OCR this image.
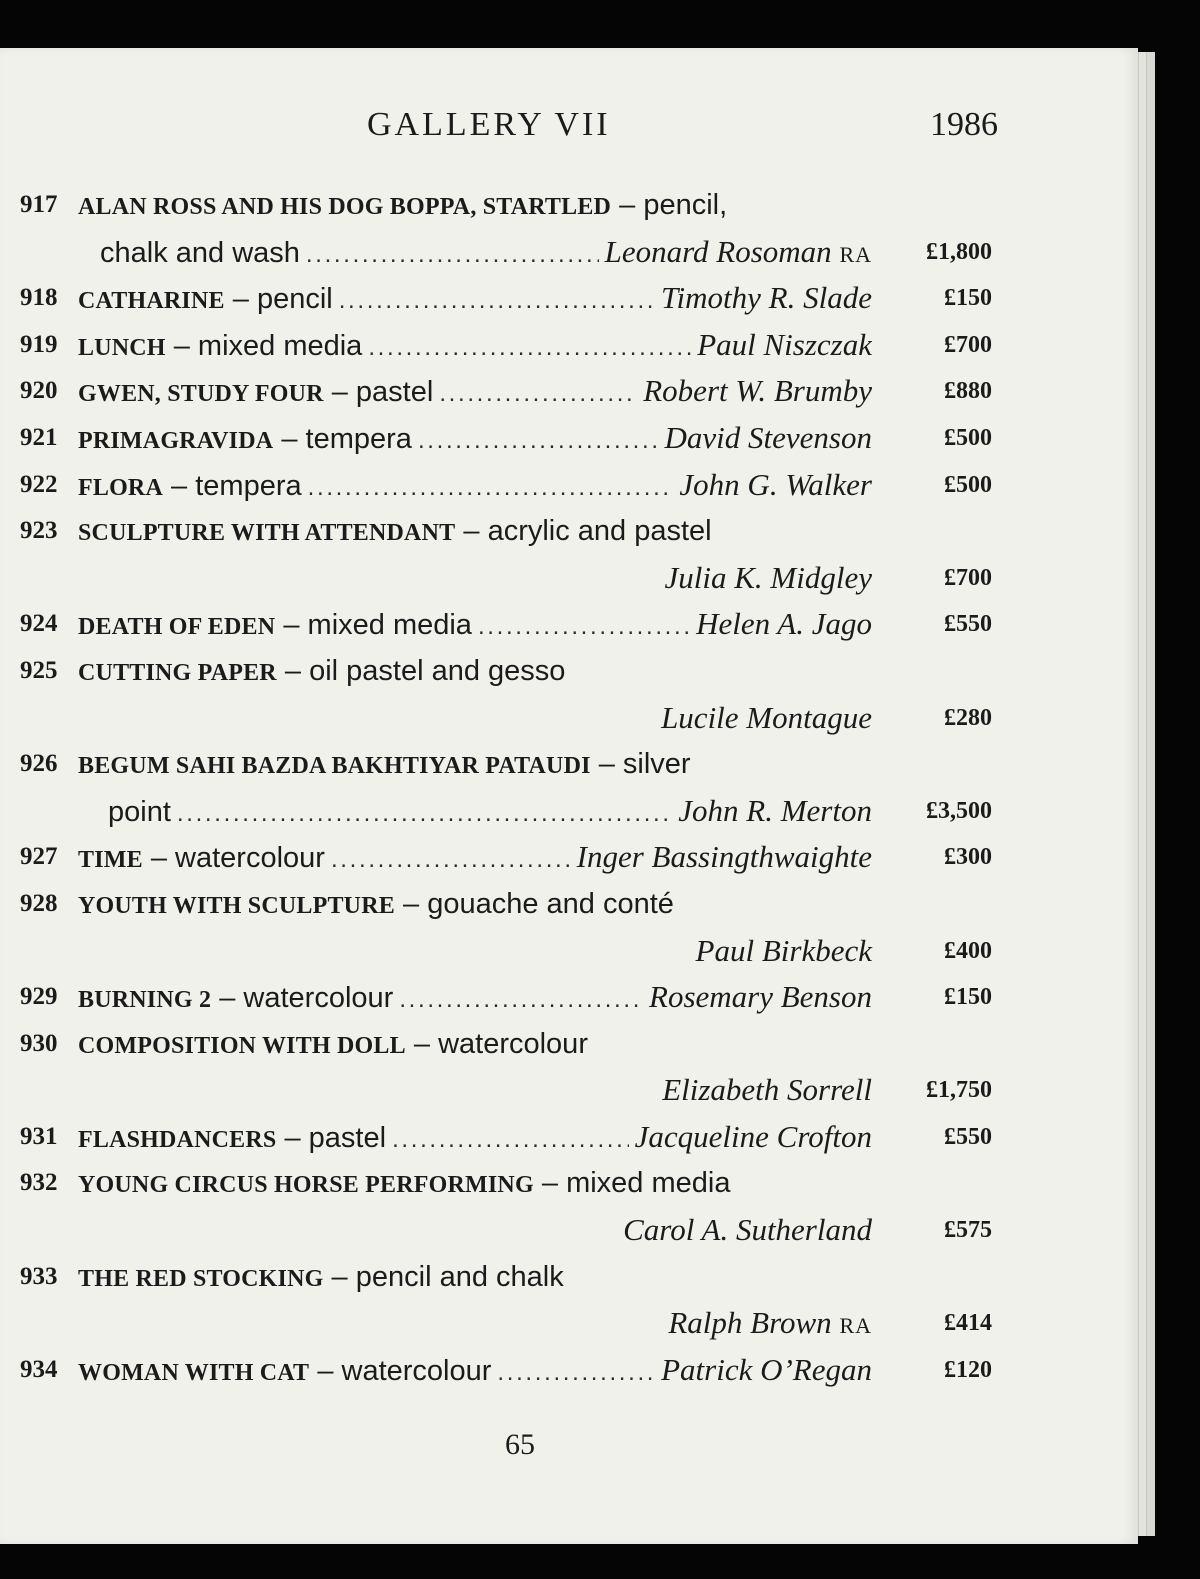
GALLERY VII	1986
917 ALAN ROSS AND HIS DOG BOPPA, STARTLED – pencil,
chalk and wash . . .	Leonard Rosoman RA	£1,800
918 CATHARINE – pencil . . .	Timothy R. Slade	£150
919 LUNCH – mixed media . . .	Paul Niszczak	£700
920 GWEN, STUDY FOUR – pastel . . .	Robert W. Brumby	£880
921 PRIMAGRAVIDA – tempera . . .	David Stevenson	£500
922 FLORA – tempera . . .	John G. Walker	£500
923 SCULPTURE WITH ATTENDANT – acrylic and pastel
Julia K. Midgley	£700
924 DEATH OF EDEN – mixed media . . .	Helen A. Jago	£550
925 CUTTING PAPER – oil pastel and gesso
Lucile Montague	£280
926 BEGUM SAHI BAZDA BAKHTIYAR PATAUDI – silver
point . . .	John R. Merton	£3,500
927 TIME – watercolour . . .	Inger Bassingthwaighte	£300
928 YOUTH WITH SCULPTURE – gouache and conté
Paul Birkbeck	£400
929 BURNING 2 – watercolour . . .	Rosemary Benson	£150
930 COMPOSITION WITH DOLL – watercolour
Elizabeth Sorrell	£1,750
931 FLASHDANCERS – pastel . . .	Jacqueline Crofton	£550
932 YOUNG CIRCUS HORSE PERFORMING – mixed media
Carol A. Sutherland	£575
933 THE RED STOCKING – pencil and chalk
Ralph Brown RA	£414
934 WOMAN WITH CAT – watercolour . . .	Patrick O’Regan	£120
65
